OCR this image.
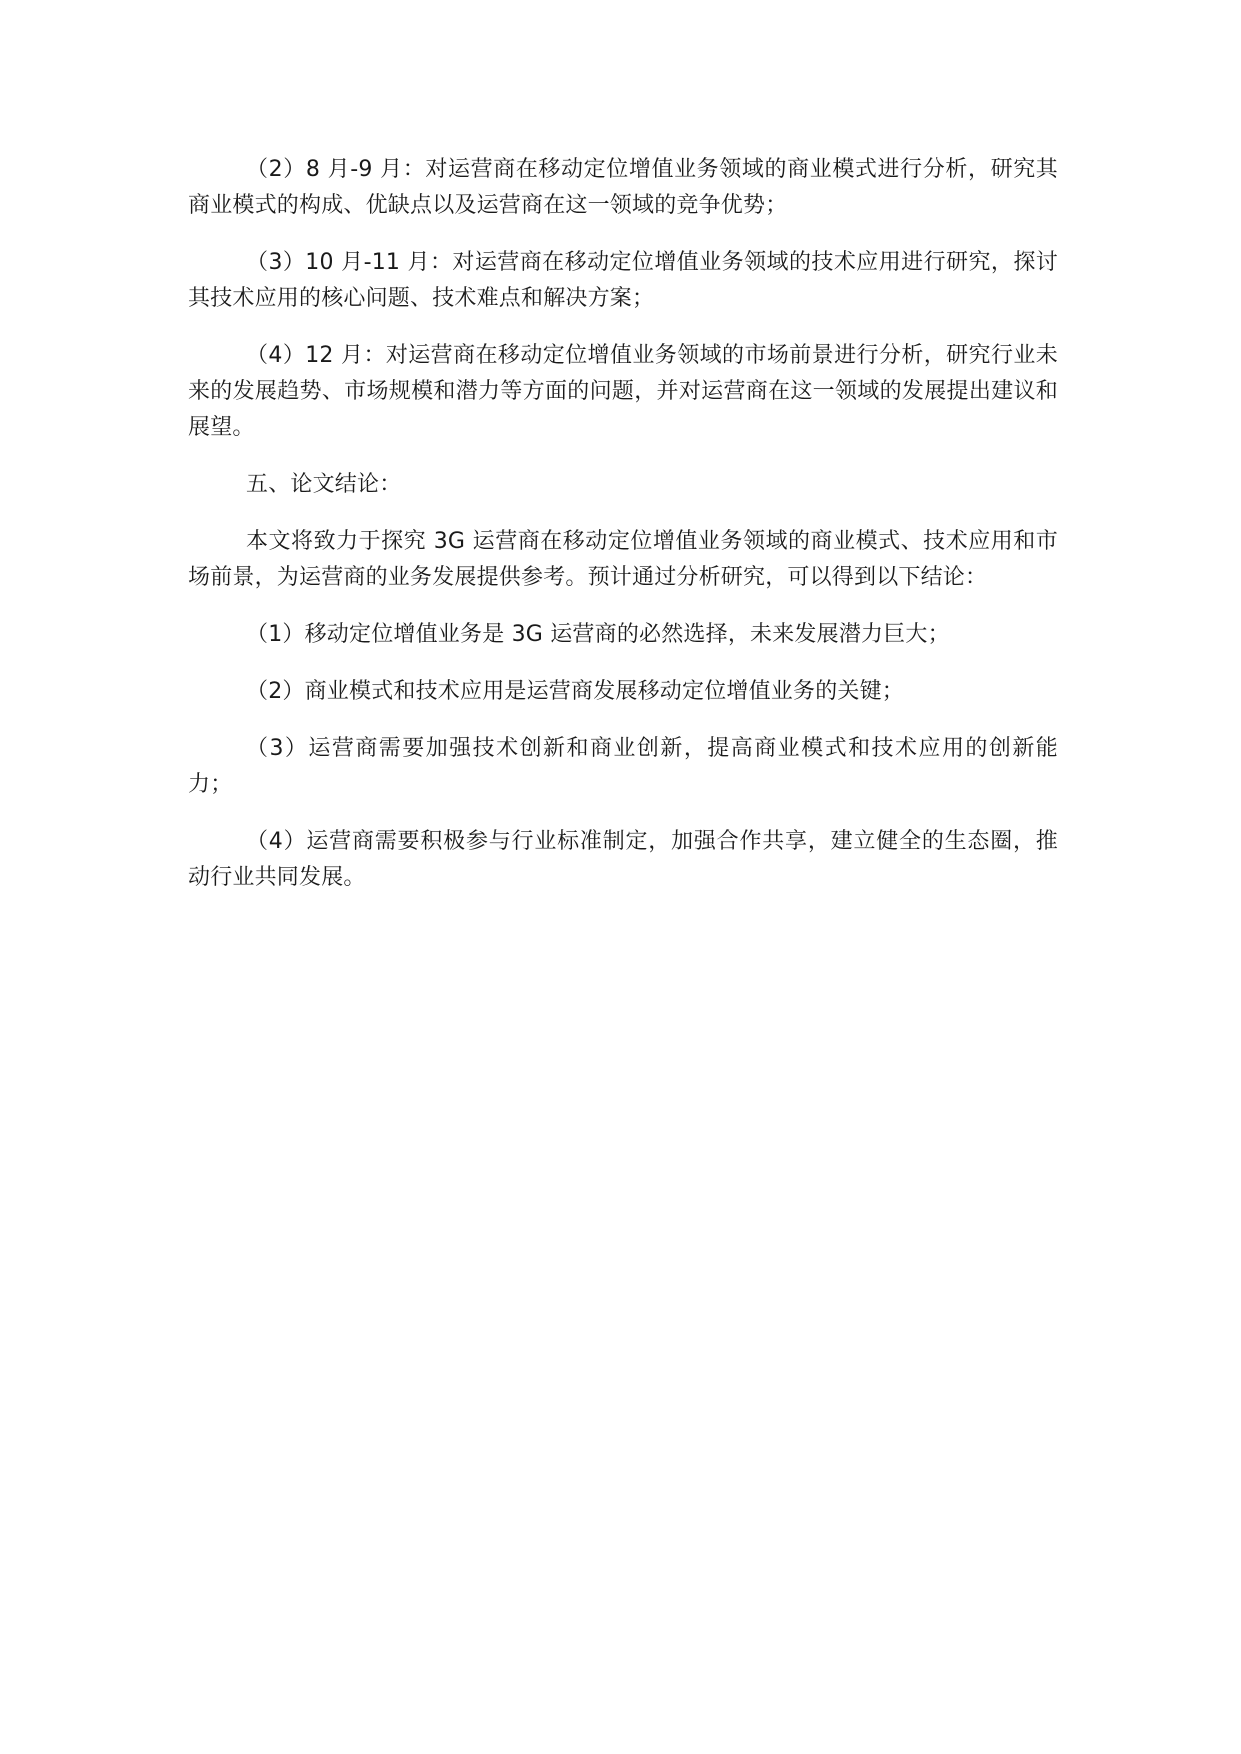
（2）8 月-9 月：对运营商在移动定位增值业务领域的商业模式进行分析，研究其商业模式的构成、优缺点以及运营商在这一领域的竞争优势；

（3）10 月-11 月：对运营商在移动定位增值业务领域的技术应用进行研究，探讨其技术应用的核心问题、技术难点和解决方案；

（4）12 月：对运营商在移动定位增值业务领域的市场前景进行分析，研究行业未来的发展趋势、市场规模和潜力等方面的问题，并对运营商在这一领域的发展提出建议和展望。

五、论文结论：

本文将致力于探究 3G 运营商在移动定位增值业务领域的商业模式、技术应用和市场前景，为运营商的业务发展提供参考。预计通过分析研究，可以得到以下结论：

（1）移动定位增值业务是 3G 运营商的必然选择，未来发展潜力巨大；

（2）商业模式和技术应用是运营商发展移动定位增值业务的关键；

（3）运营商需要加强技术创新和商业创新，提高商业模式和技术应用的创新能力；

（4）运营商需要积极参与行业标准制定，加强合作共享，建立健全的生态圈，推动行业共同发展。
